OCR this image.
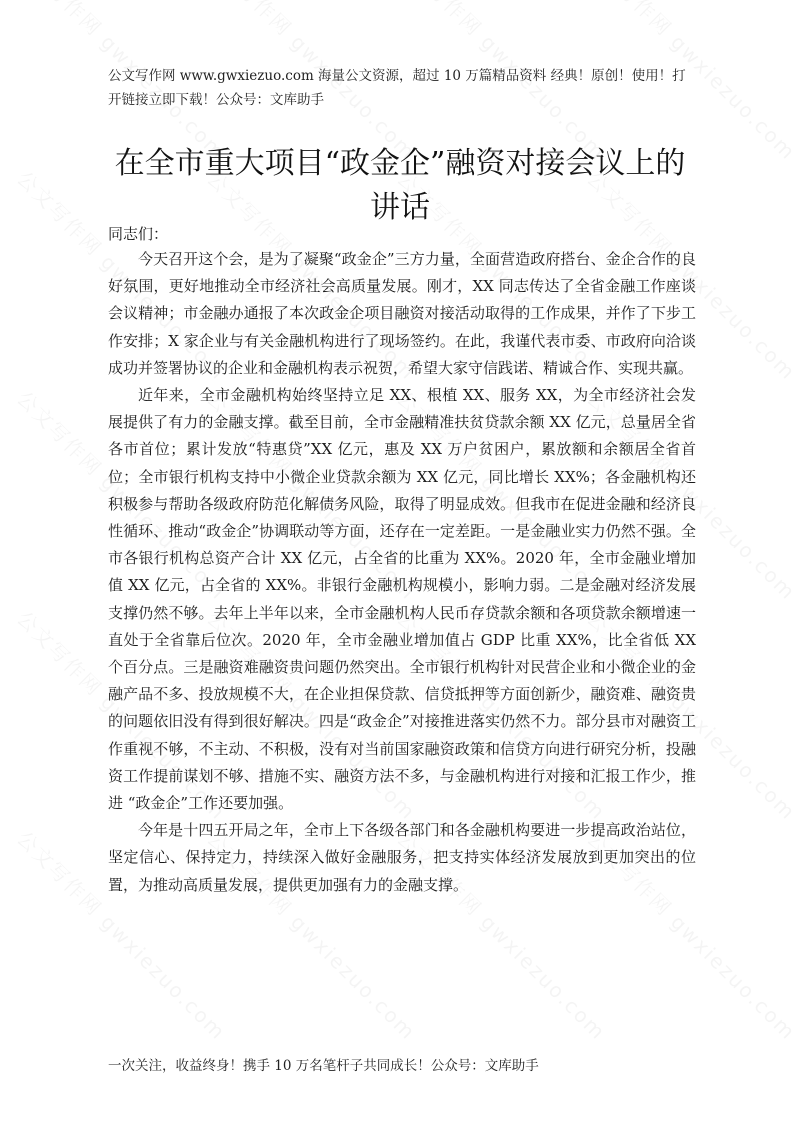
公文写作网 www.gwxiezuo.com 海量公文资源，超过 10 万篇精品资料 经典！原创！使用！打开链接立即下载！公众号：文库助手
在全市重大项目“政金企”融资对接会议上的讲话
同志们：

今天召开这个会，是为了凝聚“政金企”三方力量，全面营造政府搭台、金企合作的良好氛围，更好地推动全市经济社会高质量发展。刚才，XX 同志传达了全省金融工作座谈会议精神；市金融办通报了本次政金企项目融资对接活动取得的工作成果，并作了下步工作安排；X 家企业与有关金融机构进行了现场签约。在此，我谨代表市委、市政府向洽谈成功并签署协议的企业和金融机构表示祝贺，希望大家守信践诺、精诚合作、实现共赢。

近年来，全市金融机构始终坚持立足 XX、根植 XX、服务 XX，为全市经济社会发展提供了有力的金融支撑。截至目前，全市金融精准扶贫贷款余额 XX 亿元，总量居全省各市首位；累计发放“特惠贷”XX 亿元，惠及 XX 万户贫困户，累放额和余额居全省首位；全市银行机构支持中小微企业贷款余额为 XX 亿元，同比增长 XX%；各金融机构还积极参与帮助各级政府防范化解债务风险，取得了明显成效。但我市在促进金融和经济良性循环、推动“政金企”协调联动等方面，还存在一定差距。一是金融业实力仍然不强。全市各银行机构总资产合计 XX 亿元，占全省的比重为 XX%。2020 年，全市金融业增加值 XX 亿元，占全省的 XX%。非银行金融机构规模小，影响力弱。二是金融对经济发展支撑仍然不够。去年上半年以来，全市金融机构人民币存贷款余额和各项贷款余额增速一直处于全省靠后位次。2020 年，全市金融业增加值占 GDP 比重 XX%，比全省低 XX 个百分点。三是融资难融资贵问题仍然突出。全市银行机构针对民营企业和小微企业的金融产品不多、投放规模不大，在企业担保贷款、信贷抵押等方面创新少，融资难、融资贵的问题依旧没有得到很好解决。四是“政金企”对接推进落实仍然不力。部分县市对融资工作重视不够，不主动、不积极，没有对当前国家融资政策和信贷方向进行研究分析，投融资工作提前谋划不够、措施不实、融资方法不多，与金融机构进行对接和汇报工作少，推进 “政金企”工作还要加强。

今年是十四五开局之年，全市上下各级各部门和各金融机构要进一步提高政治站位，坚定信心、保持定力，持续深入做好金融服务，把支持实体经济发展放到更加突出的位置，为推动高质量发展，提供更加强有力的金融支撑。

一次关注，收益终身！携手 10 万名笔杆子共同成长！公众号：文库助手
